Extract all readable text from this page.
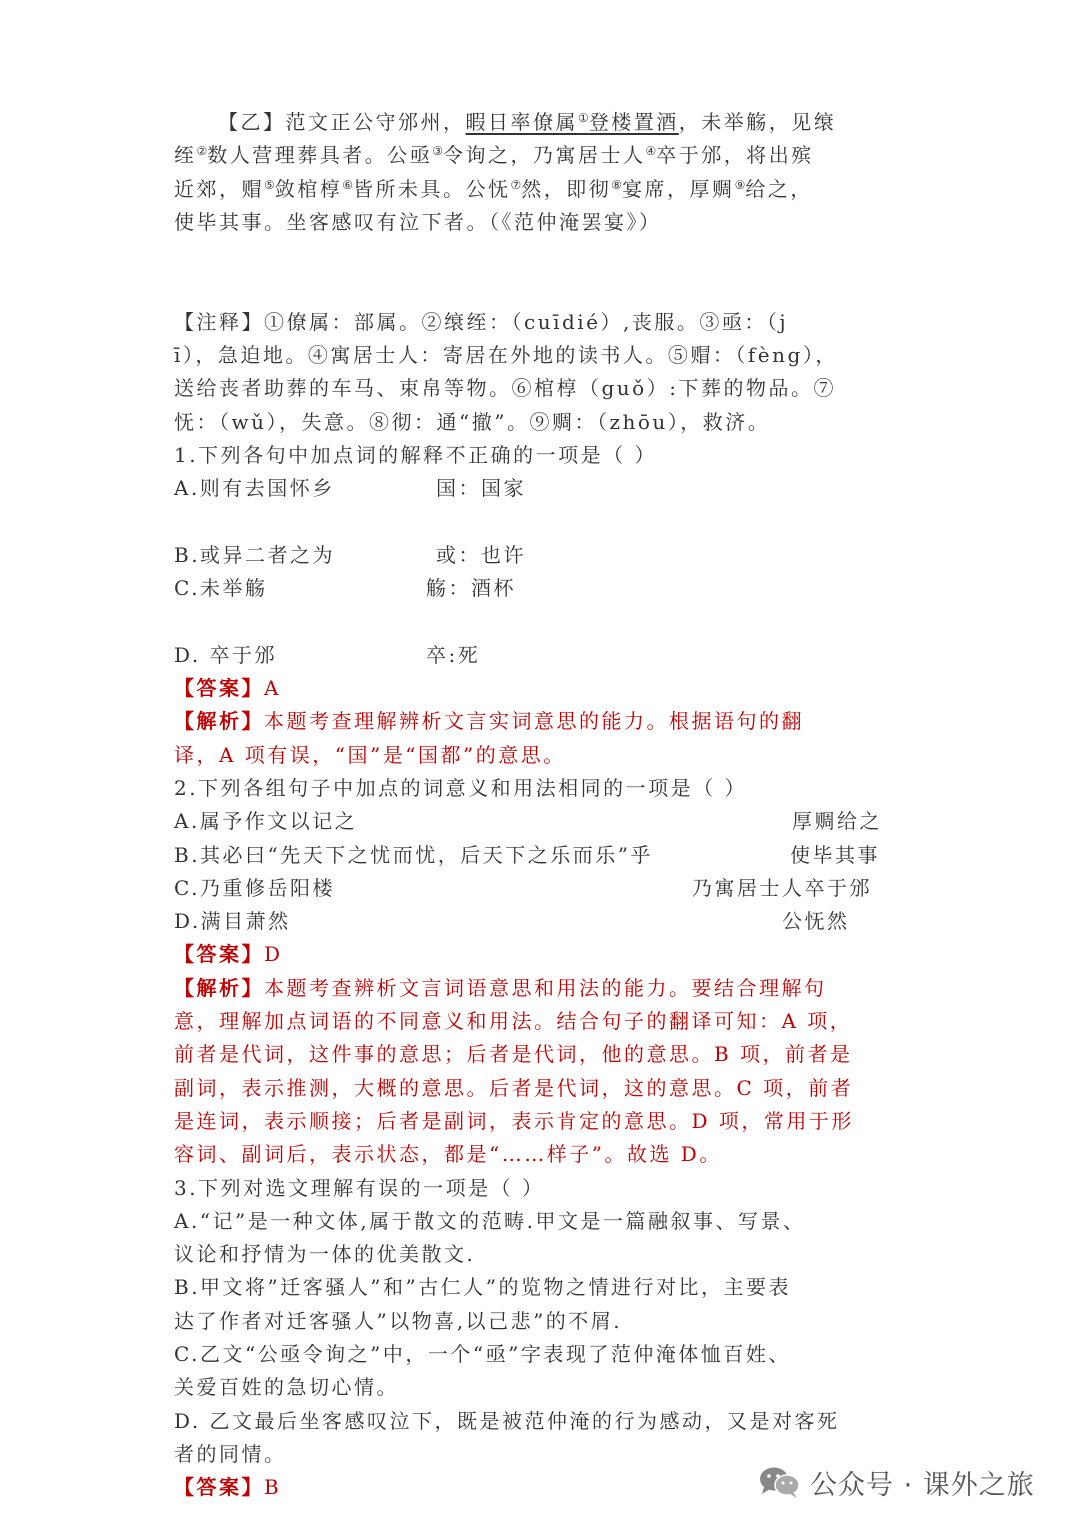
【乙】范文正公守邠州，暇日率僚属①登楼置酒，未举觞，见缞
绖②数人营理葬具者。公亟③令询之，乃寓居士人④卒于邠，将出殡
近郊，赗⑤敛棺椁⑥皆所未具。公怃⑦然，即彻⑧宴席，厚赒⑨给之，
使毕其事。坐客感叹有泣下者。（《范仲淹罢宴》）
【注释】①僚属：部属。②缞绖：（cuīdié）,丧服。③亟：（j
ī），急迫地。④寓居士人：寄居在外地的读书人。⑤赗：（fèng），
送给丧者助葬的车马、束帛等物。⑥棺椁（guǒ）:下葬的物品。⑦
怃：（wǔ），失意。⑧彻：通“撤”。⑨赒：（zhōu），救济。
1.下列各句中加点词的解释不正确的一项是（ ）
A.则有去国怀乡	国：国家
B.或异二者之为	或：也许
C.未举觞	觞：酒杯
D. 卒于邠	卒:死
【答案】A
【解析】本题考查理解辨析文言实词意思的能力。根据语句的翻
译，A 项有误，“国”是“国都”的意思。
2.下列各组句子中加点的词意义和用法相同的一项是（ ）
A.属予作文以记之	厚赒给之
B.其必曰“先天下之忧而忧，后天下之乐而乐”乎	使毕其事
C.乃重修岳阳楼	乃寓居士人卒于邠
D.满目萧然	公怃然
【答案】D
【解析】本题考查辨析文言词语意思和用法的能力。要结合理解句
意，理解加点词语的不同意义和用法。结合句子的翻译可知：A 项，
前者是代词，这件事的意思；后者是代词，他的意思。B 项，前者是
副词，表示推测，大概的意思。后者是代词，这的意思。C 项，前者
是连词，表示顺接；后者是副词，表示肯定的意思。D 项，常用于形
容词、副词后，表示状态，都是“……样子”。故选 D。
3.下列对选文理解有误的一项是（ ）
A.“记”是一种文体,属于散文的范畴.甲文是一篇融叙事、写景、
议论和抒情为一体的优美散文.
B.甲文将”迁客骚人”和”古仁人”的览物之情进行对比，主要表
达了作者对迁客骚人”以物喜,以己悲”的不屑.
C.乙文“公亟令询之”中，一个“亟”字表现了范仲淹体恤百姓、
关爱百姓的急切心情。
D. 乙文最后坐客感叹泣下，既是被范仲淹的行为感动，又是对客死
者的同情。
【答案】B	公众号 · 课外之旅
